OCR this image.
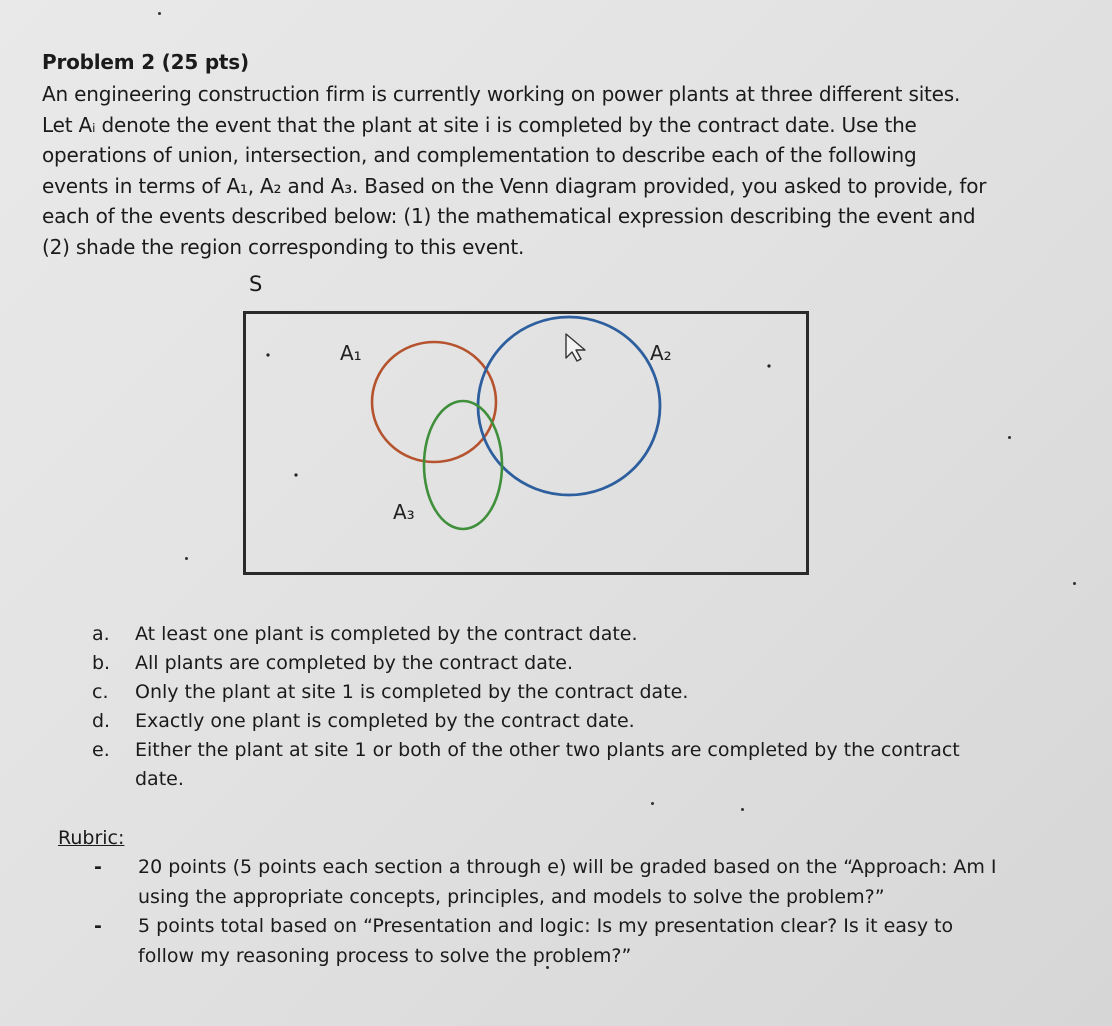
Problem 2 (25 pts)

An engineering construction firm is currently working on power plants at three different sites.

Let Aᵢ denote the event that the plant at site i is completed by the contract date. Use the

operations of union, intersection, and complementation to describe each of the following

events in terms of A₁, A₂ and A₃. Based on the Venn diagram provided, you asked to provide, for

each of the events described below: (1) the mathematical expression describing the event and

(2) shade the region corresponding to this event.

S
A₁	A₂
A₃
a.	At least one plant is completed by the contract date.
b.	All plants are completed by the contract date.
c.	Only the plant at site 1 is completed by the contract date.
d.	Exactly one plant is completed by the contract date.
e.	Either the plant at site 1 or both of the other two plants are completed by the contract date.
Rubric:
-	20 points (5 points each section a through e) will be graded based on the “Approach: Am I using the appropriate concepts, principles, and models to solve the problem?”
-	5 points total based on “Presentation and logic: Is my presentation clear? Is it easy to follow my reasoning process to solve the problem?”
